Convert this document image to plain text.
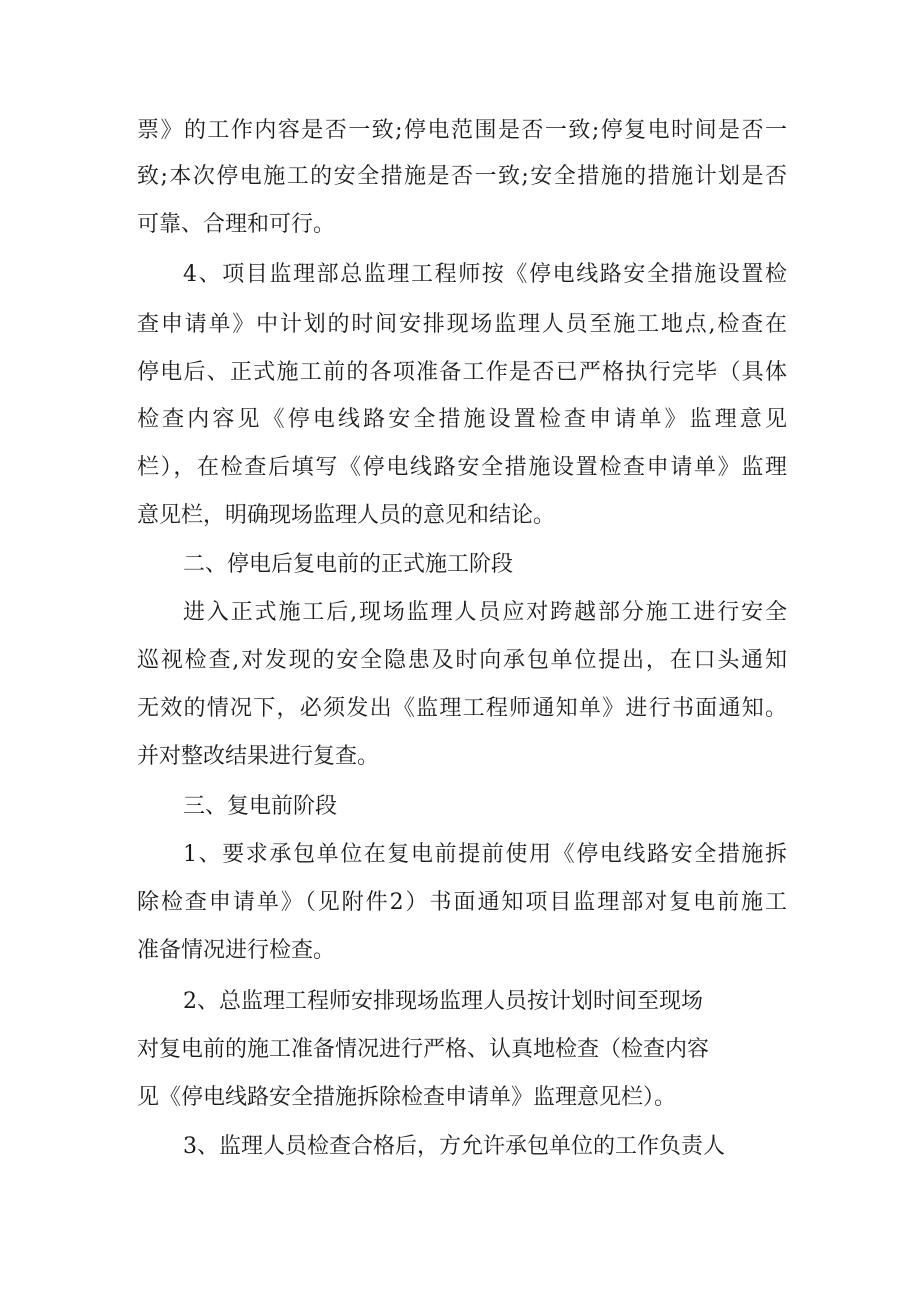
票》的工作内容是否一致;停电范围是否一致;停复电时间是否一
致;本次停电施工的安全措施是否一致;安全措施的措施计划是否
可靠、合理和可行。
4、项目监理部总监理工程师按《停电线路安全措施设置检
查申请单》中计划的时间安排现场监理人员至施工地点,检查在
停电后、正式施工前的各项准备工作是否已严格执行完毕（具体
检查内容见《停电线路安全措施设置检查申请单》监理意见
栏），在检查后填写《停电线路安全措施设置检查申请单》监理
意见栏，明确现场监理人员的意见和结论。
二、停电后复电前的正式施工阶段
进入正式施工后,现场监理人员应对跨越部分施工进行安全
巡视检查,对发现的安全隐患及时向承包单位提出，在口头通知
无效的情况下，必须发出《监理工程师通知单》进行书面通知。
并对整改结果进行复查。
三、复电前阶段
1、要求承包单位在复电前提前使用《停电线路安全措施拆
除检查申请单》（见附件2）书面通知项目监理部对复电前施工
准备情况进行检查。
2、总监理工程师安排现场监理人员按计划时间至现场
对复电前的施工准备情况进行严格、认真地检查（检查内容
见《停电线路安全措施拆除检查申请单》监理意见栏）。
3、监理人员检查合格后，方允许承包单位的工作负责人
